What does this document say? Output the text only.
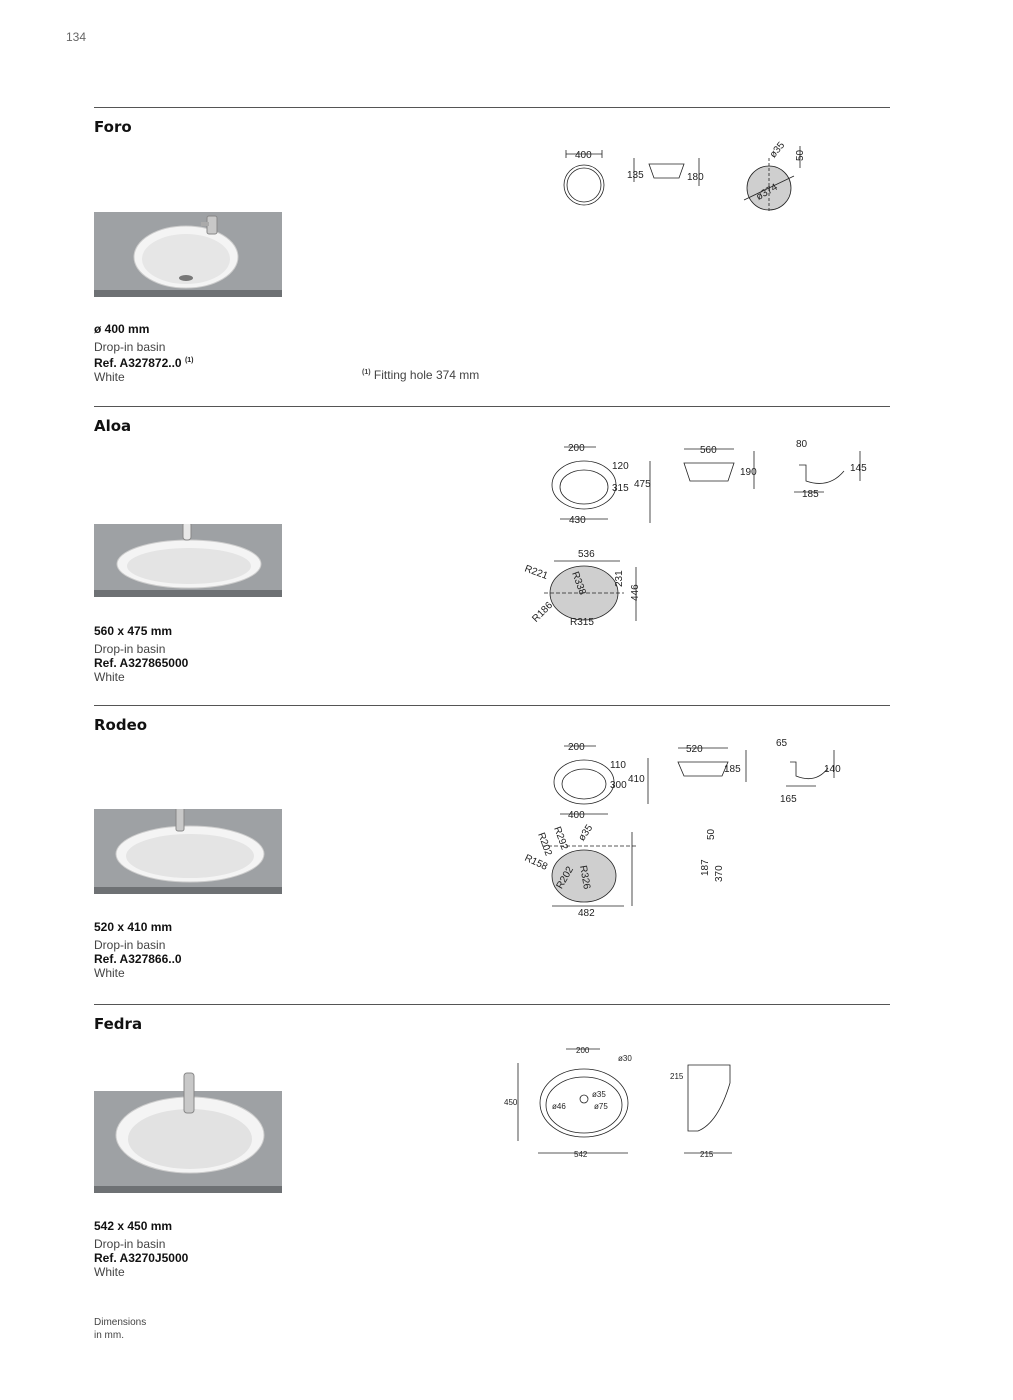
134
Foro
ø 400 mm
Drop-in basin
Ref. A327872..0 $^{(1)}$
White	$^{(1)}$ Fitting hole 374 mm
400
135	180
ø35 50
ø374
Aloa
560 x 475 mm
Drop-in basin
Ref. A327865000
White
200
120
315 475
430
560
190
80
145
185
536
R221 R338	231
446
R186 R315
Rodeo
520 x 410 mm
Drop-in basin
Ref. A327866..0
White
200
110
300
410
400
520
185
65
140
165
R292
R202 ø35	50
R158
R202 R326	187 370
482
Fedra
542 x 450 mm
Drop-in basin
Ref. A3270J5000
White
200
ø30
450
ø35
ø46	ø75
542
215
215
Dimensions
in mm.
